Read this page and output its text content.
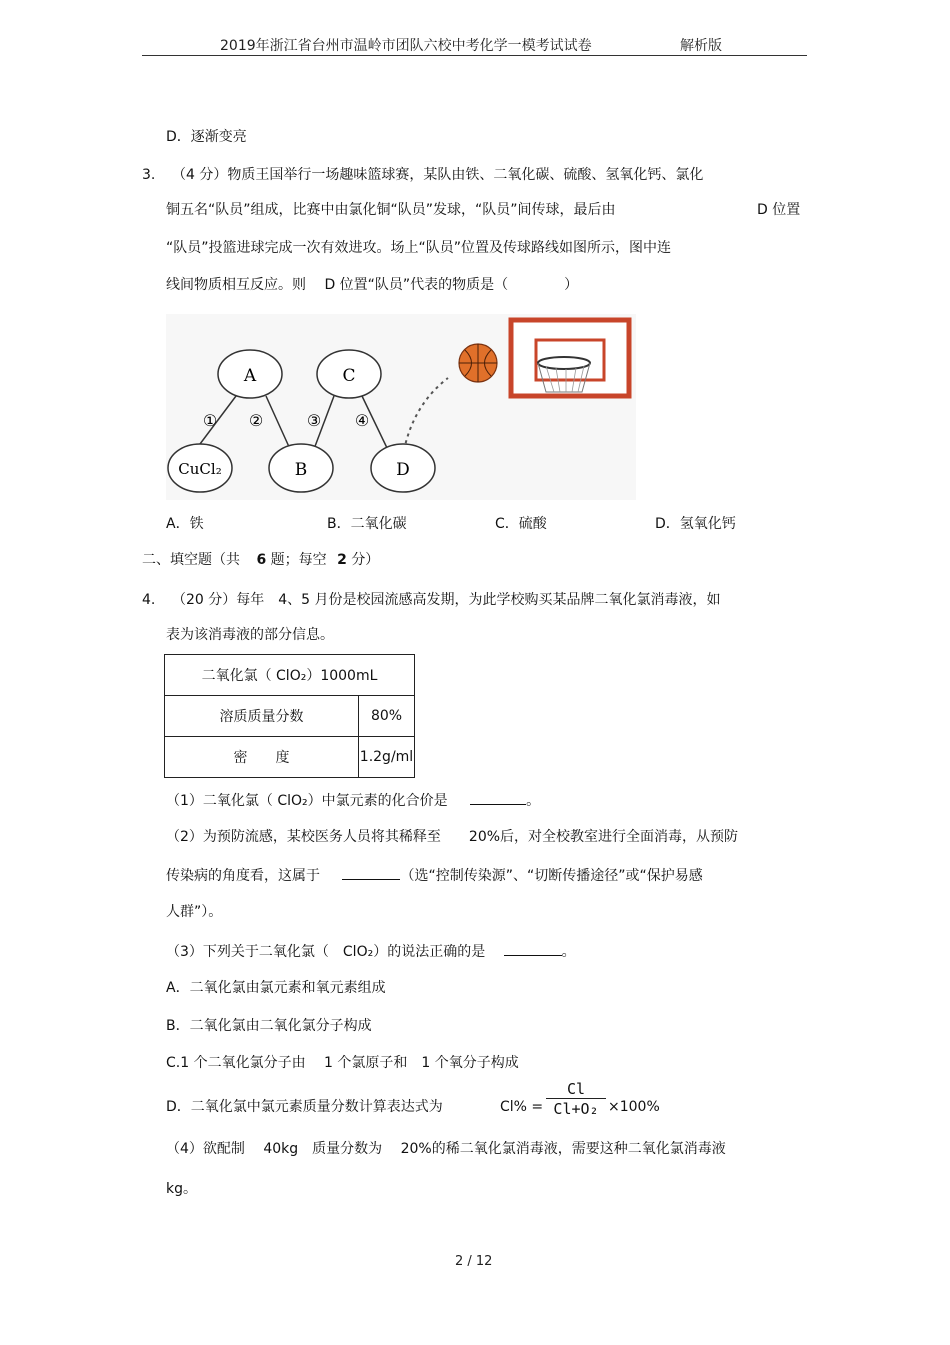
2019年浙江省台州市温岭市团队六校中考化学一模考试试卷	解析版
D．逐渐变亮
3. （4 分）物质王国举行一场趣味篮球赛，某队由铁、二氧化碳、硫酸、氢氧化钙、氯化
铜五名“队员”组成，比赛中由氯化铜“队员”发球，“队员”间传球，最后由	D 位置
“队员”投篮进球完成一次有效进攻。场上“队员”位置及传球路线如图所示，图中连
线间物质相互反应。则　 D 位置“队员”代表的物质是（　　　　）
A	C
CuCl₂	B	D
① ②	③ ④
A．铁	B．二氧化碳	C．硫酸	D．氢氧化钙
二、填空题（共 6 题；每空 2 分）
4. （20 分）每年　4、5 月份是校园流感高发期，为此学校购买某品牌二氧化氯消毒液，如
表为该消毒液的部分信息。
二氧化氯（ ClO₂）1000mL	
溶质质量分数	80%
密　　度	1.2g/ml
（1）二氧化氯（ ClO₂）中氯元素的化合价是	。
（2）为预防流感，某校医务人员将其稀释至　　20%后，对全校教室进行全面消毒，从预防
传染病的角度看，这属于	（选“控制传染源”、“切断传播途径”或“保护易感
人群”）。
（3）下列关于二氧化氯（　ClO₂）的说法正确的是	。
A．二氧化氯由氯元素和氧元素组成
B．二氧化氯由二氧化氯分子构成
C.1 个二氧化氯分子由　 1 个氯原子和　1 个氧分子构成
D．二氧化氯中氯元素质量分数计算表达式为	$Cl\% = \frac{Cl}{\text{Cl+O₂}} \times 100\%$
（4）欲配制　 40kg　质量分数为　 20%的稀二氧化氯消毒液，需要这种二氧化氯消毒液
kg。
2 / 12
